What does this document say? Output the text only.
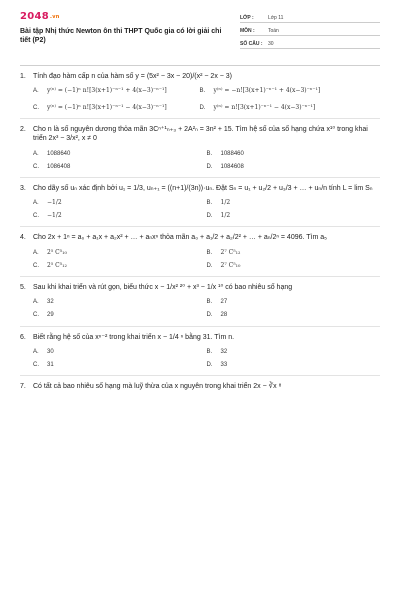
2048.vn
Bài tập Nhị thức Newton ôn thi THPT Quốc gia có lời giải chi tiết (P2)
LỚP :	Lớp 11
MÔN :	Toán
SỐ CÂU :	30
1.	Tính đạo hàm cấp n của hàm số y = (5x² − 3x − 20)/(x² − 2x − 3)
A.	y⁽ⁿ⁾ = (−1)ⁿ n![3(x+1)⁻ⁿ⁻¹ + 4(x−3)⁻ⁿ⁻¹]	B.	y⁽ⁿ⁾ = −n![3(x+1)⁻ⁿ⁻¹ + 4(x−3)⁻ⁿ⁻¹]
C.	y⁽ⁿ⁾ = (−1)ⁿ n![3(x+1)⁻ⁿ⁻¹ − 4(x−3)⁻ⁿ⁻¹]	D.	y⁽ⁿ⁾ = n![3(x+1)⁻ⁿ⁻¹ − 4(x−3)⁻ⁿ⁻¹]
2.	Cho n là số nguyên dương thỏa mãn 3Cⁿ⁺¹ₙ₊₃ + 2A²ₙ = 3n² + 15. Tìm hệ số của số hạng chứa x¹⁰ trong khai triển 2x³ − 3/x², x ≠ 0
A.	1088640	B.	1088460
C.	1086408	D.	1084608
3.	Cho dãy số uₙ xác định bởi u₁ = 1/3, uₙ₊₁ = ((n+1)/(3n))·uₙ. Đặt Sₙ = u₁ + u₂/2 + u₃/3 + … + uₙ/n tính L = lim Sₙ
A.	−1/2	B.	1/2
C.	−1/2	D.	1/2
4.	Cho 2x + 1ⁿ = a₀ + a₁x + a₂x² + … + aₙxⁿ thỏa mãn a₀ + a₁/2 + a₂/2² + … + aₙ/2ⁿ = 4096. Tìm a₅
A.	2⁵ C⁵₁₀	B.	2⁷ C⁵₁₂
C.	2⁵ C⁵₁₂	D.	2⁷ C⁵₁₀
5.	Sau khi khai triển và rút gọn, biểu thức x − 1/x² ²⁰ + x³ − 1/x ¹⁰ có bao nhiêu số hạng
A.	32	B.	27
C.	29	D.	28
6.	Biết rằng hệ số của xⁿ⁻² trong khai triển x − 1/4 ⁿ bằng 31. Tìm n.
A.	30	B.	32
C.	31	D.	33
7.	Có tất cả bao nhiêu số hạng mà luỹ thừa của x nguyên trong khai triển 2x − ∛x ⁸
